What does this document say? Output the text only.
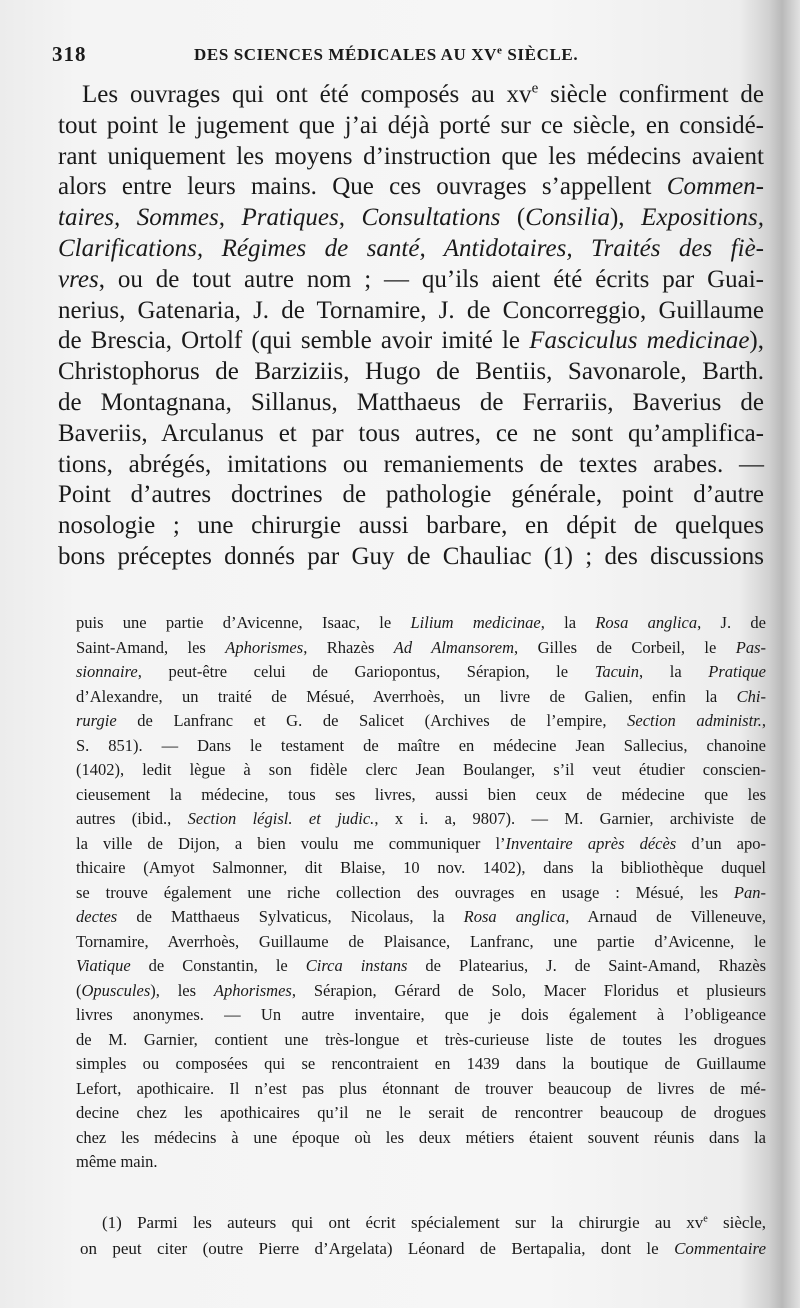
318	DES SCIENCES MÉDICALES AU XVe SIÈCLE.
Les ouvrages qui ont été composés au $xv^e$ siècle confirment de
tout point le jugement que j’ai déjà porté sur ce siècle, en considé-
rant uniquement les moyens d’instruction que les médecins avaient
alors entre leurs mains. Que ces ouvrages s’appellent Commen-
taires, Sommes, Pratiques, Consultations (Consilia), Expositions,
Clarifications, Régimes de santé, Antidotaires, Traités des fiè-
vres, ou de tout autre nom ; — qu’ils aient été écrits par Guai-
nerius, Gatenaria, J. de Tornamire, J. de Concorreggio, Guillaume
de Brescia, Ortolf (qui semble avoir imité le Fasciculus medicinae),
Christophorus de Barziziis, Hugo de Bentiis, Savonarole, Barth.
de Montagnana, Sillanus, Matthaeus de Ferrariis, Baverius de
Baveriis, Arculanus et par tous autres, ce ne sont qu’amplifica-
tions, abrégés, imitations ou remaniements de textes arabes. —
Point d’autres doctrines de pathologie générale, point d’autre
nosologie ; une chirurgie aussi barbare, en dépit de quelques
bons préceptes donnés par Guy de Chauliac (1) ; des discussions
puis une partie d’Avicenne, Isaac, le Lilium medicinae, la Rosa anglica, J. de
Saint-Amand, les Aphorismes, Rhazès Ad Almansorem, Gilles de Corbeil, le Pas-
sionnaire, peut-être celui de Gariopontus, Sérapion, le Tacuin, la Pratique
d’Alexandre, un traité de Mésué, Averrhoès, un livre de Galien, enfin la Chi-
rurgie de Lanfranc et G. de Salicet (Archives de l’empire, Section administr.,
S. 851). — Dans le testament de maître en médecine Jean Sallecius, chanoine
(1402), ledit lègue à son fidèle clerc Jean Boulanger, s’il veut étudier conscien-
cieusement la médecine, tous ses livres, aussi bien ceux de médecine que les
autres (ibid., Section législ. et judic., x i. a, 9807). — M. Garnier, archiviste de
la ville de Dijon, a bien voulu me communiquer l’Inventaire après décès d’un apo-
thicaire (Amyot Salmonner, dit Blaise, 10 nov. 1402), dans la bibliothèque duquel
se trouve également une riche collection des ouvrages en usage : Mésué, les Pan-
dectes de Matthaeus Sylvaticus, Nicolaus, la Rosa anglica, Arnaud de Villeneuve,
Tornamire, Averrhoès, Guillaume de Plaisance, Lanfranc, une partie d’Avicenne, le
Viatique de Constantin, le Circa instans de Platearius, J. de Saint-Amand, Rhazès
(Opuscules), les Aphorismes, Sérapion, Gérard de Solo, Macer Floridus et plusieurs
livres anonymes. — Un autre inventaire, que je dois également à l’obligeance
de M. Garnier, contient une très-longue et très-curieuse liste de toutes les drogues
simples ou composées qui se rencontraient en 1439 dans la boutique de Guillaume
Lefort, apothicaire. Il n’est pas plus étonnant de trouver beaucoup de livres de mé-
decine chez les apothicaires qu’il ne le serait de rencontrer beaucoup de drogues
chez les médecins à une époque où les deux métiers étaient souvent réunis dans la
même main.
(1) Parmi les auteurs qui ont écrit spécialement sur la chirurgie au $xv^e$ siècle,
on peut citer (outre Pierre d’Argelata) Léonard de Bertapalia, dont le Commentaire
